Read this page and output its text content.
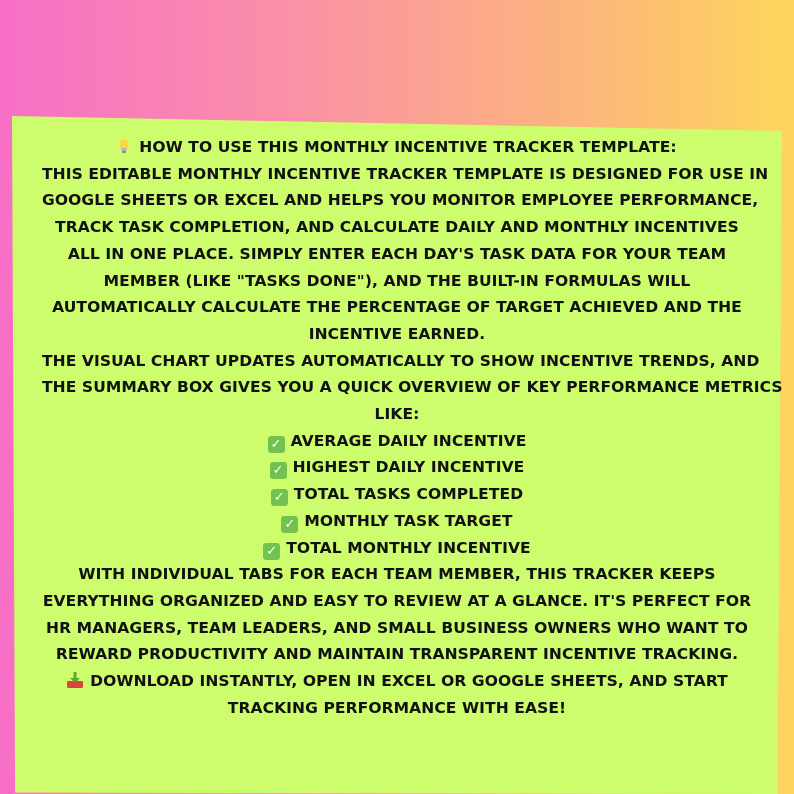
HOW TO USE THIS MONTHLY INCENTIVE TRACKER TEMPLATE:
THIS EDITABLE MONTHLY INCENTIVE TRACKER TEMPLATE IS DESIGNED FOR USE IN
GOOGLE SHEETS OR EXCEL AND HELPS YOU MONITOR EMPLOYEE PERFORMANCE,
TRACK TASK COMPLETION, AND CALCULATE DAILY AND MONTHLY INCENTIVES
ALL IN ONE PLACE. SIMPLY ENTER EACH DAY'S TASK DATA FOR YOUR TEAM
MEMBER (LIKE "TASKS DONE"), AND THE BUILT-IN FORMULAS WILL
AUTOMATICALLY CALCULATE THE PERCENTAGE OF TARGET ACHIEVED AND THE
INCENTIVE EARNED.
THE VISUAL CHART UPDATES AUTOMATICALLY TO SHOW INCENTIVE TRENDS, AND
THE SUMMARY BOX GIVES YOU A QUICK OVERVIEW OF KEY PERFORMANCE METRICS
LIKE:
✓ AVERAGE DAILY INCENTIVE
✓ HIGHEST DAILY INCENTIVE
✓ TOTAL TASKS COMPLETED
✓ MONTHLY TASK TARGET
✓ TOTAL MONTHLY INCENTIVE
WITH INDIVIDUAL TABS FOR EACH TEAM MEMBER, THIS TRACKER KEEPS
EVERYTHING ORGANIZED AND EASY TO REVIEW AT A GLANCE. IT'S PERFECT FOR
HR MANAGERS, TEAM LEADERS, AND SMALL BUSINESS OWNERS WHO WANT TO
REWARD PRODUCTIVITY AND MAINTAIN TRANSPARENT INCENTIVE TRACKING.
DOWNLOAD INSTANTLY, OPEN IN EXCEL OR GOOGLE SHEETS, AND START
TRACKING PERFORMANCE WITH EASE!
